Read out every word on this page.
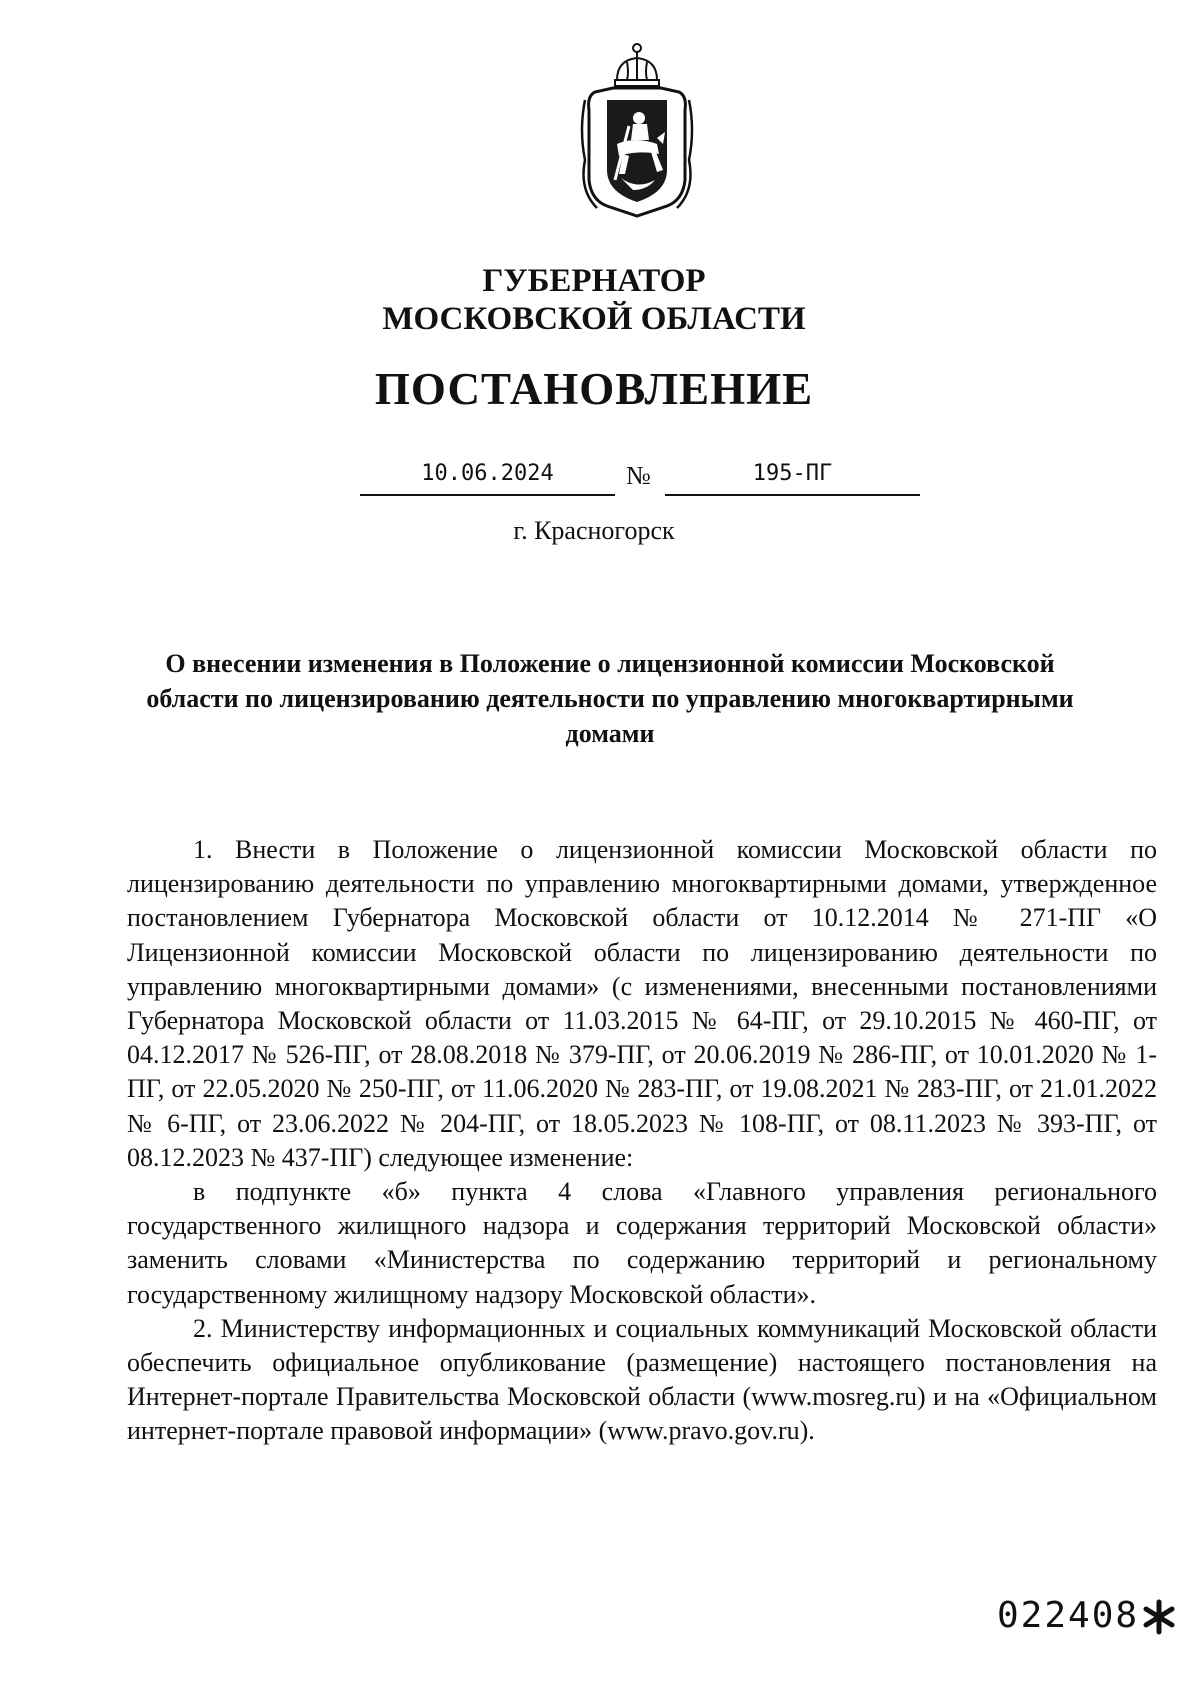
ГУБЕРНАТОР
МОСКОВСКОЙ ОБЛАСТИ
ПОСТАНОВЛЕНИЕ
10.06.2024	№	195-ПГ
г. Красногорск
О внесении изменения в Положение о лицензионной комиссии Московской области по лицензированию деятельности по управлению многоквартирными домами

1. Внести в Положение о лицензионной комиссии Московской области по лицензированию деятельности по управлению многоквартирными домами, утвержденное постановлением Губернатора Московской области от 10.12.2014 № 271-ПГ «О Лицензионной комиссии Московской области по лицензированию деятельности по управлению многоквартирными домами» (с изменениями, внесенными постановлениями Губернатора Московской области от 11.03.2015 № 64-ПГ, от 29.10.2015 № 460-ПГ, от 04.12.2017 № 526-ПГ, от 28.08.2018 № 379-ПГ, от 20.06.2019 № 286-ПГ, от 10.01.2020 № 1-ПГ, от 22.05.2020 № 250-ПГ, от 11.06.2020 № 283-ПГ, от 19.08.2021 № 283-ПГ, от 21.01.2022 № 6-ПГ, от 23.06.2022 № 204-ПГ, от 18.05.2023 № 108-ПГ, от 08.11.2023 № 393-ПГ, от 08.12.2023 № 437-ПГ) следующее изменение:

в подпункте «б» пункта 4 слова «Главного управления регионального государственного жилищного надзора и содержания территорий Московской области» заменить словами «Министерства по содержанию территорий и региональному государственному жилищному надзору Московской области».

2. Министерству информационных и социальных коммуникаций Московской области обеспечить официальное опубликование (размещение) настоящего постановления на Интернет-портале Правительства Московской области (www.mosreg.ru) и на «Официальном интернет-портале правовой информации» (www.pravo.gov.ru).

022408
